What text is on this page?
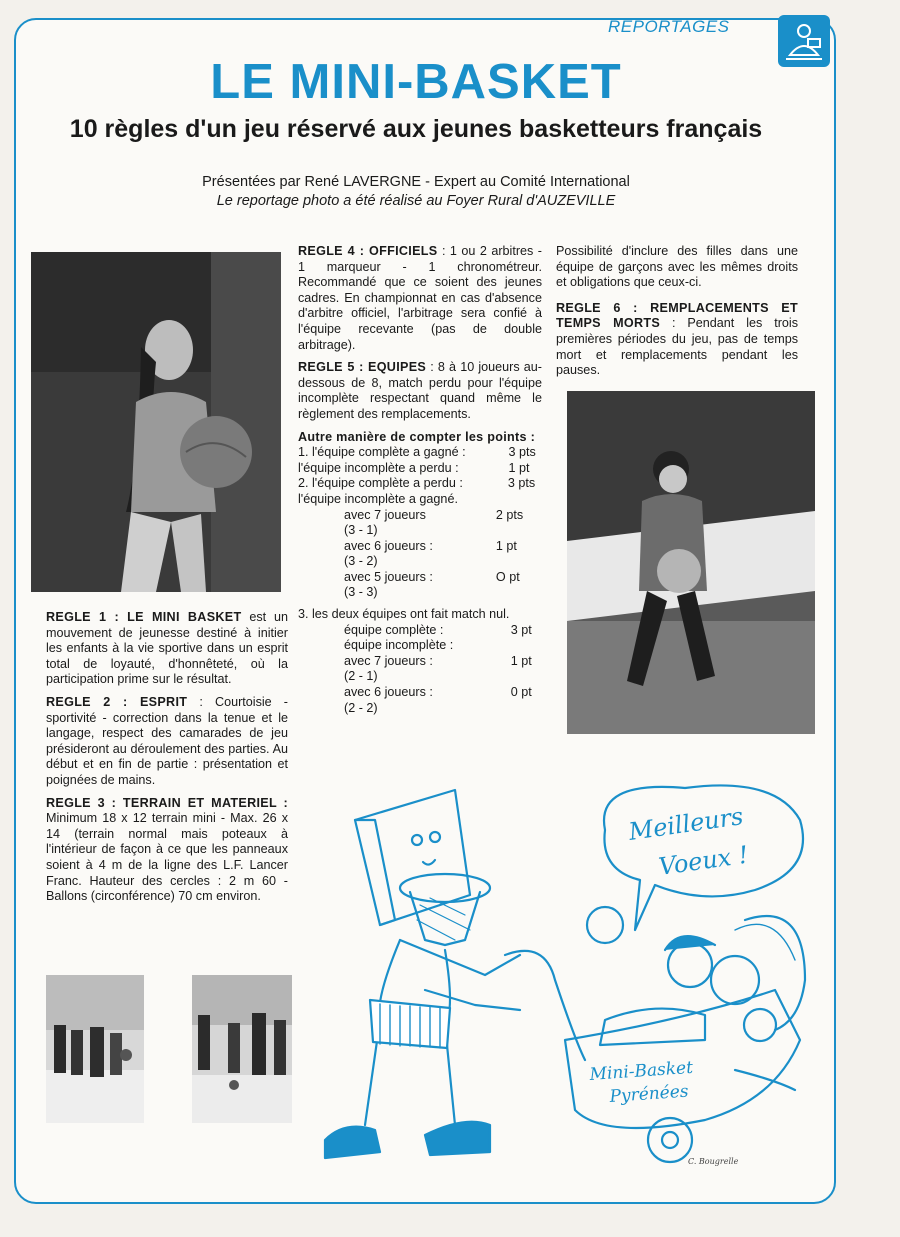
REPORTAGES
LE MINI-BASKET
10 règles d'un jeu réservé aux jeunes basketteurs français
Présentées par René LAVERGNE - Expert au Comité International
Le reportage photo a été réalisé au Foyer Rural d'AUZEVILLE

REGLE 1 : LE MINI BASKET est un mouvement de jeunesse destiné à initier les enfants à la vie sportive dans un esprit total de loyauté, d'honnêteté, où la participation prime sur le résultat.

REGLE 2 : ESPRIT : Courtoisie - sportivité - correction dans la tenue et le langage, respect des camarades de jeu présideront au déroulement des parties. Au début et en fin de partie : présentation et poignées de mains.

REGLE 3 : TERRAIN ET MATERIEL : Minimum 18 x 12 terrain mini - Max. 26 x 14 (terrain normal mais poteaux à l'intérieur de façon à ce que les panneaux soient à 4 m de la ligne des L.F. Lancer Franc. Hauteur des cercles : 2 m 60 - Ballons (circonférence) 70 cm environ.

REGLE 4 : OFFICIELS : 1 ou 2 arbitres - 1 marqueur - 1 chronométreur. Recommandé que ce soient des jeunes cadres. En championnat en cas d'absence d'arbitre officiel, l'arbitrage sera confié à l'équipe recevante (pas de double arbitrage).

REGLE 5 : EQUIPES : 8 à 10 joueurs au-dessous de 8, match perdu pour l'équipe incomplète respectant quand même le règlement des remplacements.

Autre manière de compter les points :

1. l'équipe complète a gagné :	3 pts
l'équipe incomplète a perdu :	1 pt
2. l'équipe complète a perdu :	3 pts
l'équipe incomplète a gagné.	
avec 7 joueurs	2 pts
(3 - 1)	
avec 6 joueurs :	1 pt
(3 - 2)	
avec 5 joueurs :	O pt
(3 - 3)	
3. les deux équipes ont fait match nul.
équipe complète :	3 pt
équipe incomplète :	
avec 7 joueurs :	1 pt
(2 - 1)	
avec 6 joueurs :	0 pt
(2 - 2)	

Possibilité d'inclure des filles dans une équipe de garçons avec les mêmes droits et obligations que ceux-ci.

REGLE 6 : REMPLACEMENTS ET TEMPS MORTS : Pendant les trois premières périodes du jeu, pas de temps mort et remplacements pendant les pauses.

Meilleurs
Voeux !
Mini-Basket
Pyrénées
C. Bougrelle
